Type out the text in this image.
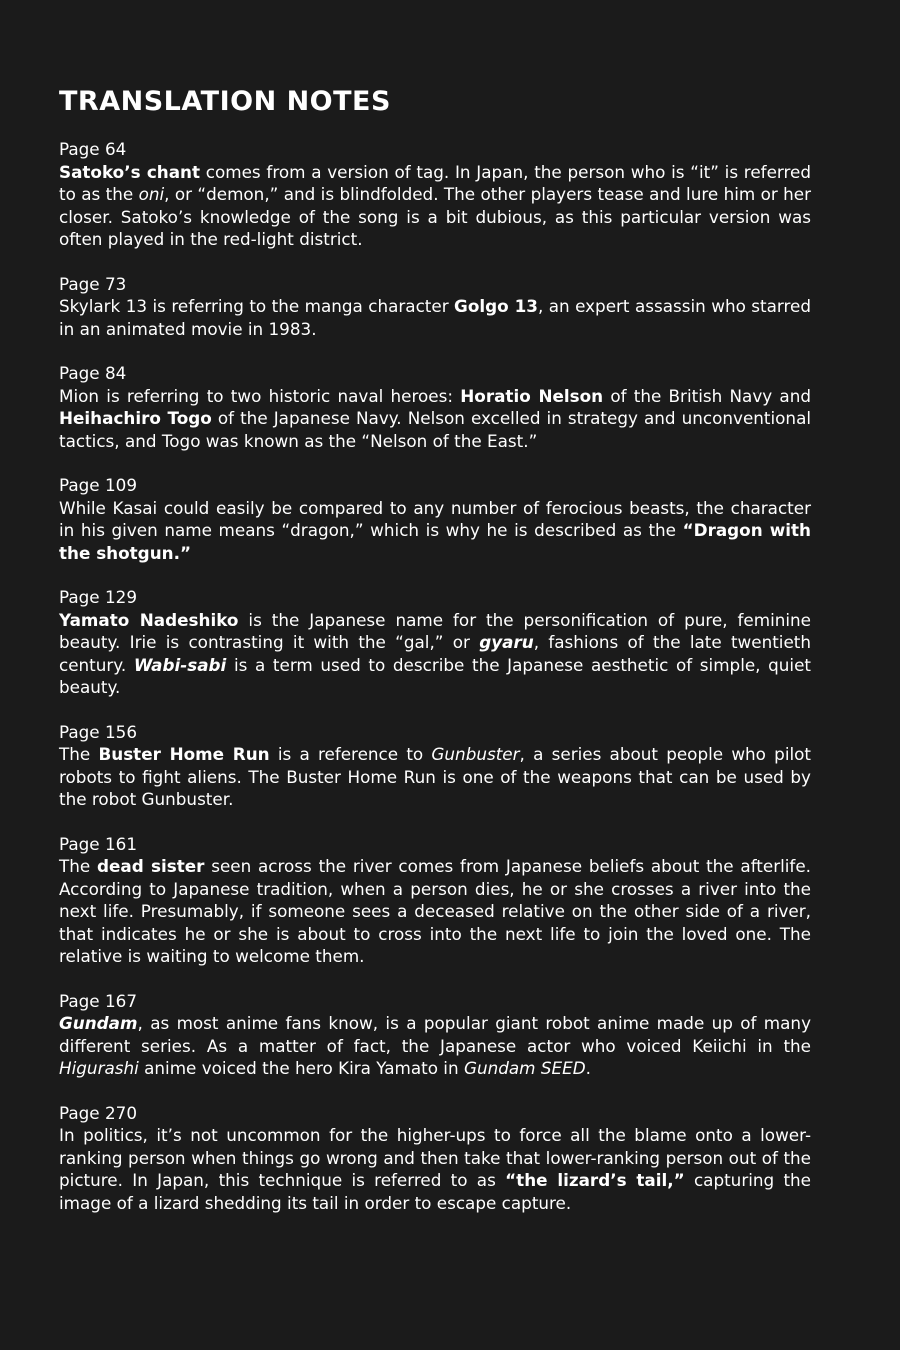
TRANSLATION NOTES
Page 64
Satoko’s chant comes from a version of tag. In Japan, the person who is “it” is referred to as the oni, or “demon,” and is blindfolded. The other players tease and lure him or her closer. Satoko’s knowledge of the song is a bit dubious, as this particular version was often played in the red-light district.
Page 73
Skylark 13 is referring to the manga character Golgo 13, an expert assassin who starred in an animated movie in 1983.
Page 84
Mion is referring to two historic naval heroes: Horatio Nelson of the British Navy and Heihachiro Togo of the Japanese Navy. Nelson excelled in strategy and unconventional tactics, and Togo was known as the “Nelson of the East.”
Page 109
While Kasai could easily be compared to any number of ferocious beasts, the character in his given name means “dragon,” which is why he is described as the “Dragon with the shotgun.”
Page 129
Yamato Nadeshiko is the Japanese name for the personification of pure, feminine beauty. Irie is contrasting it with the “gal,” or gyaru, fashions of the late twentieth century. Wabi-sabi is a term used to describe the Japanese aesthetic of simple, quiet beauty.
Page 156
The Buster Home Run is a reference to Gunbuster, a series about people who pilot robots to fight aliens. The Buster Home Run is one of the weapons that can be used by the robot Gunbuster.
Page 161
The dead sister seen across the river comes from Japanese beliefs about the afterlife. According to Japanese tradition, when a person dies, he or she crosses a river into the next life. Presumably, if someone sees a deceased relative on the other side of a river, that indicates he or she is about to cross into the next life to join the loved one. The relative is waiting to welcome them.
Page 167
Gundam, as most anime fans know, is a popular giant robot anime made up of many different series. As a matter of fact, the Japanese actor who voiced Keiichi in the Higurashi anime voiced the hero Kira Yamato in Gundam SEED.
Page 270
In politics, it’s not uncommon for the higher-ups to force all the blame onto a lower-ranking person when things go wrong and then take that lower-ranking person out of the picture. In Japan, this technique is referred to as “the lizard’s tail,” capturing the image of a lizard shedding its tail in order to escape capture.
